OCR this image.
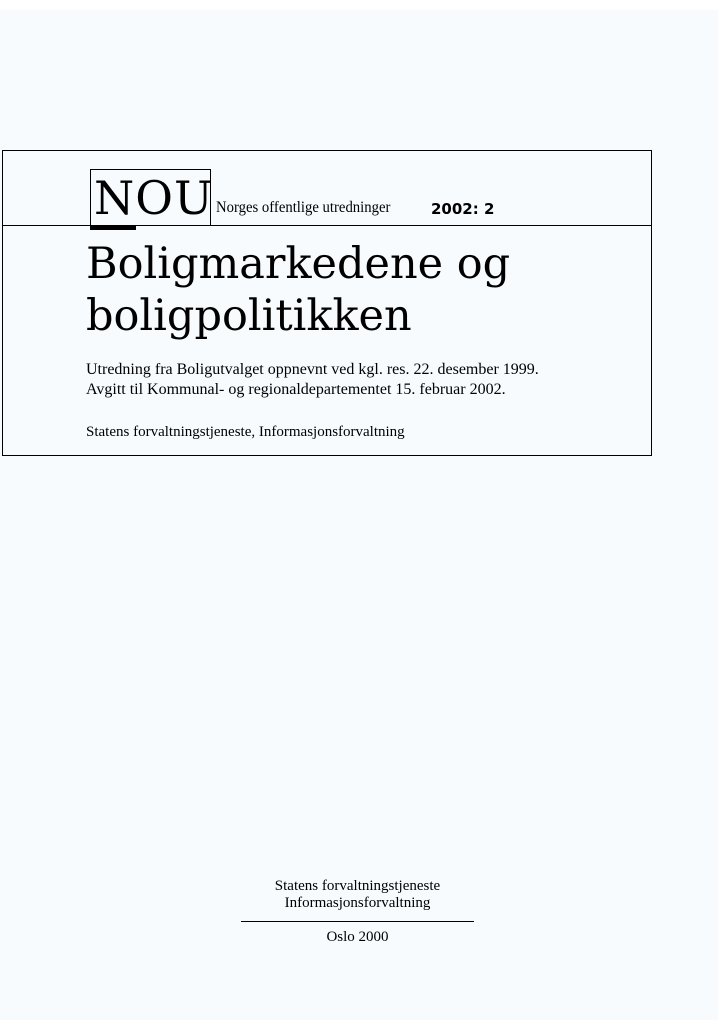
NOU Norges offentlige utredninger	2002: 2
Boligmarkedene og
boligpolitikken
Utredning fra Boligutvalget oppnevnt ved kgl. res. 22. desember 1999.
Avgitt til Kommunal- og regionaldepartementet 15. februar 2002.
Statens forvaltningstjeneste, Informasjonsforvaltning
Statens forvaltningstjeneste
Informasjonsforvaltning
Oslo 2000
